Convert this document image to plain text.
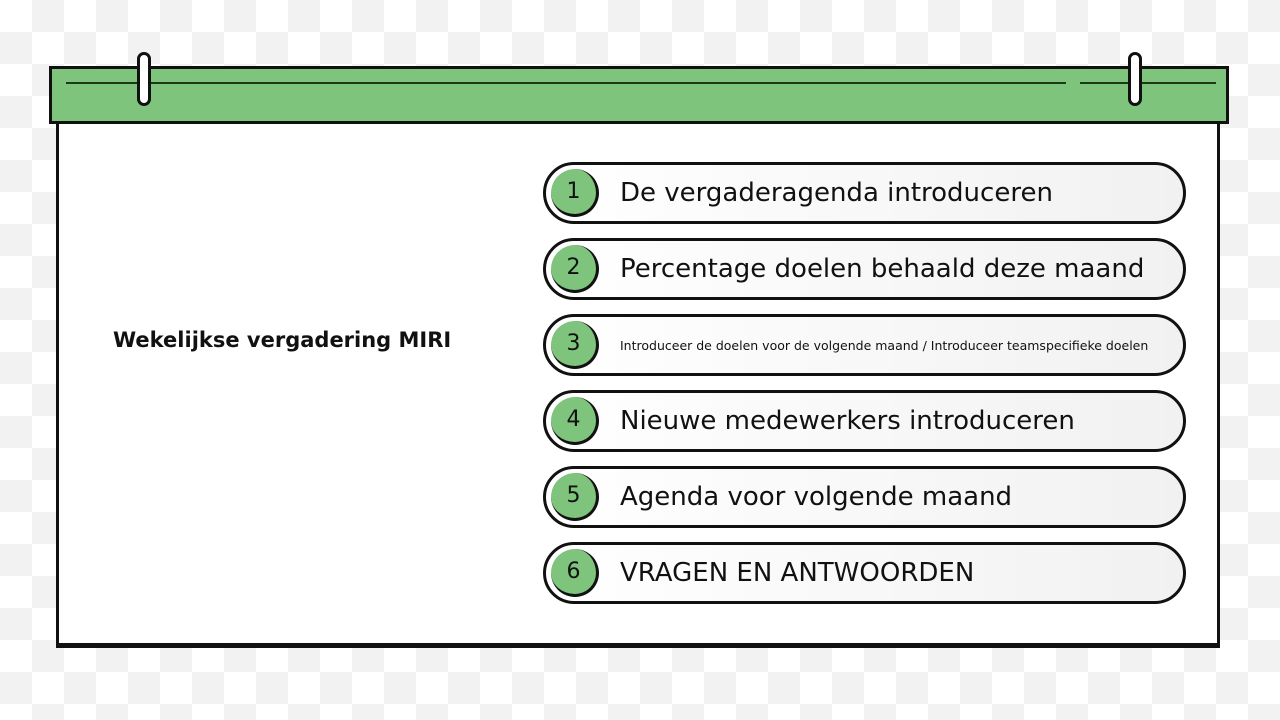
Wekelijkse vergadering MIRI
1	De vergaderagenda introduceren
2	Percentage doelen behaald deze maand
3	Introduceer de doelen voor de volgende maand / Introduceer teamspecifieke doelen
4	Nieuwe medewerkers introduceren
5	Agenda voor volgende maand
6	VRAGEN EN ANTWOORDEN
